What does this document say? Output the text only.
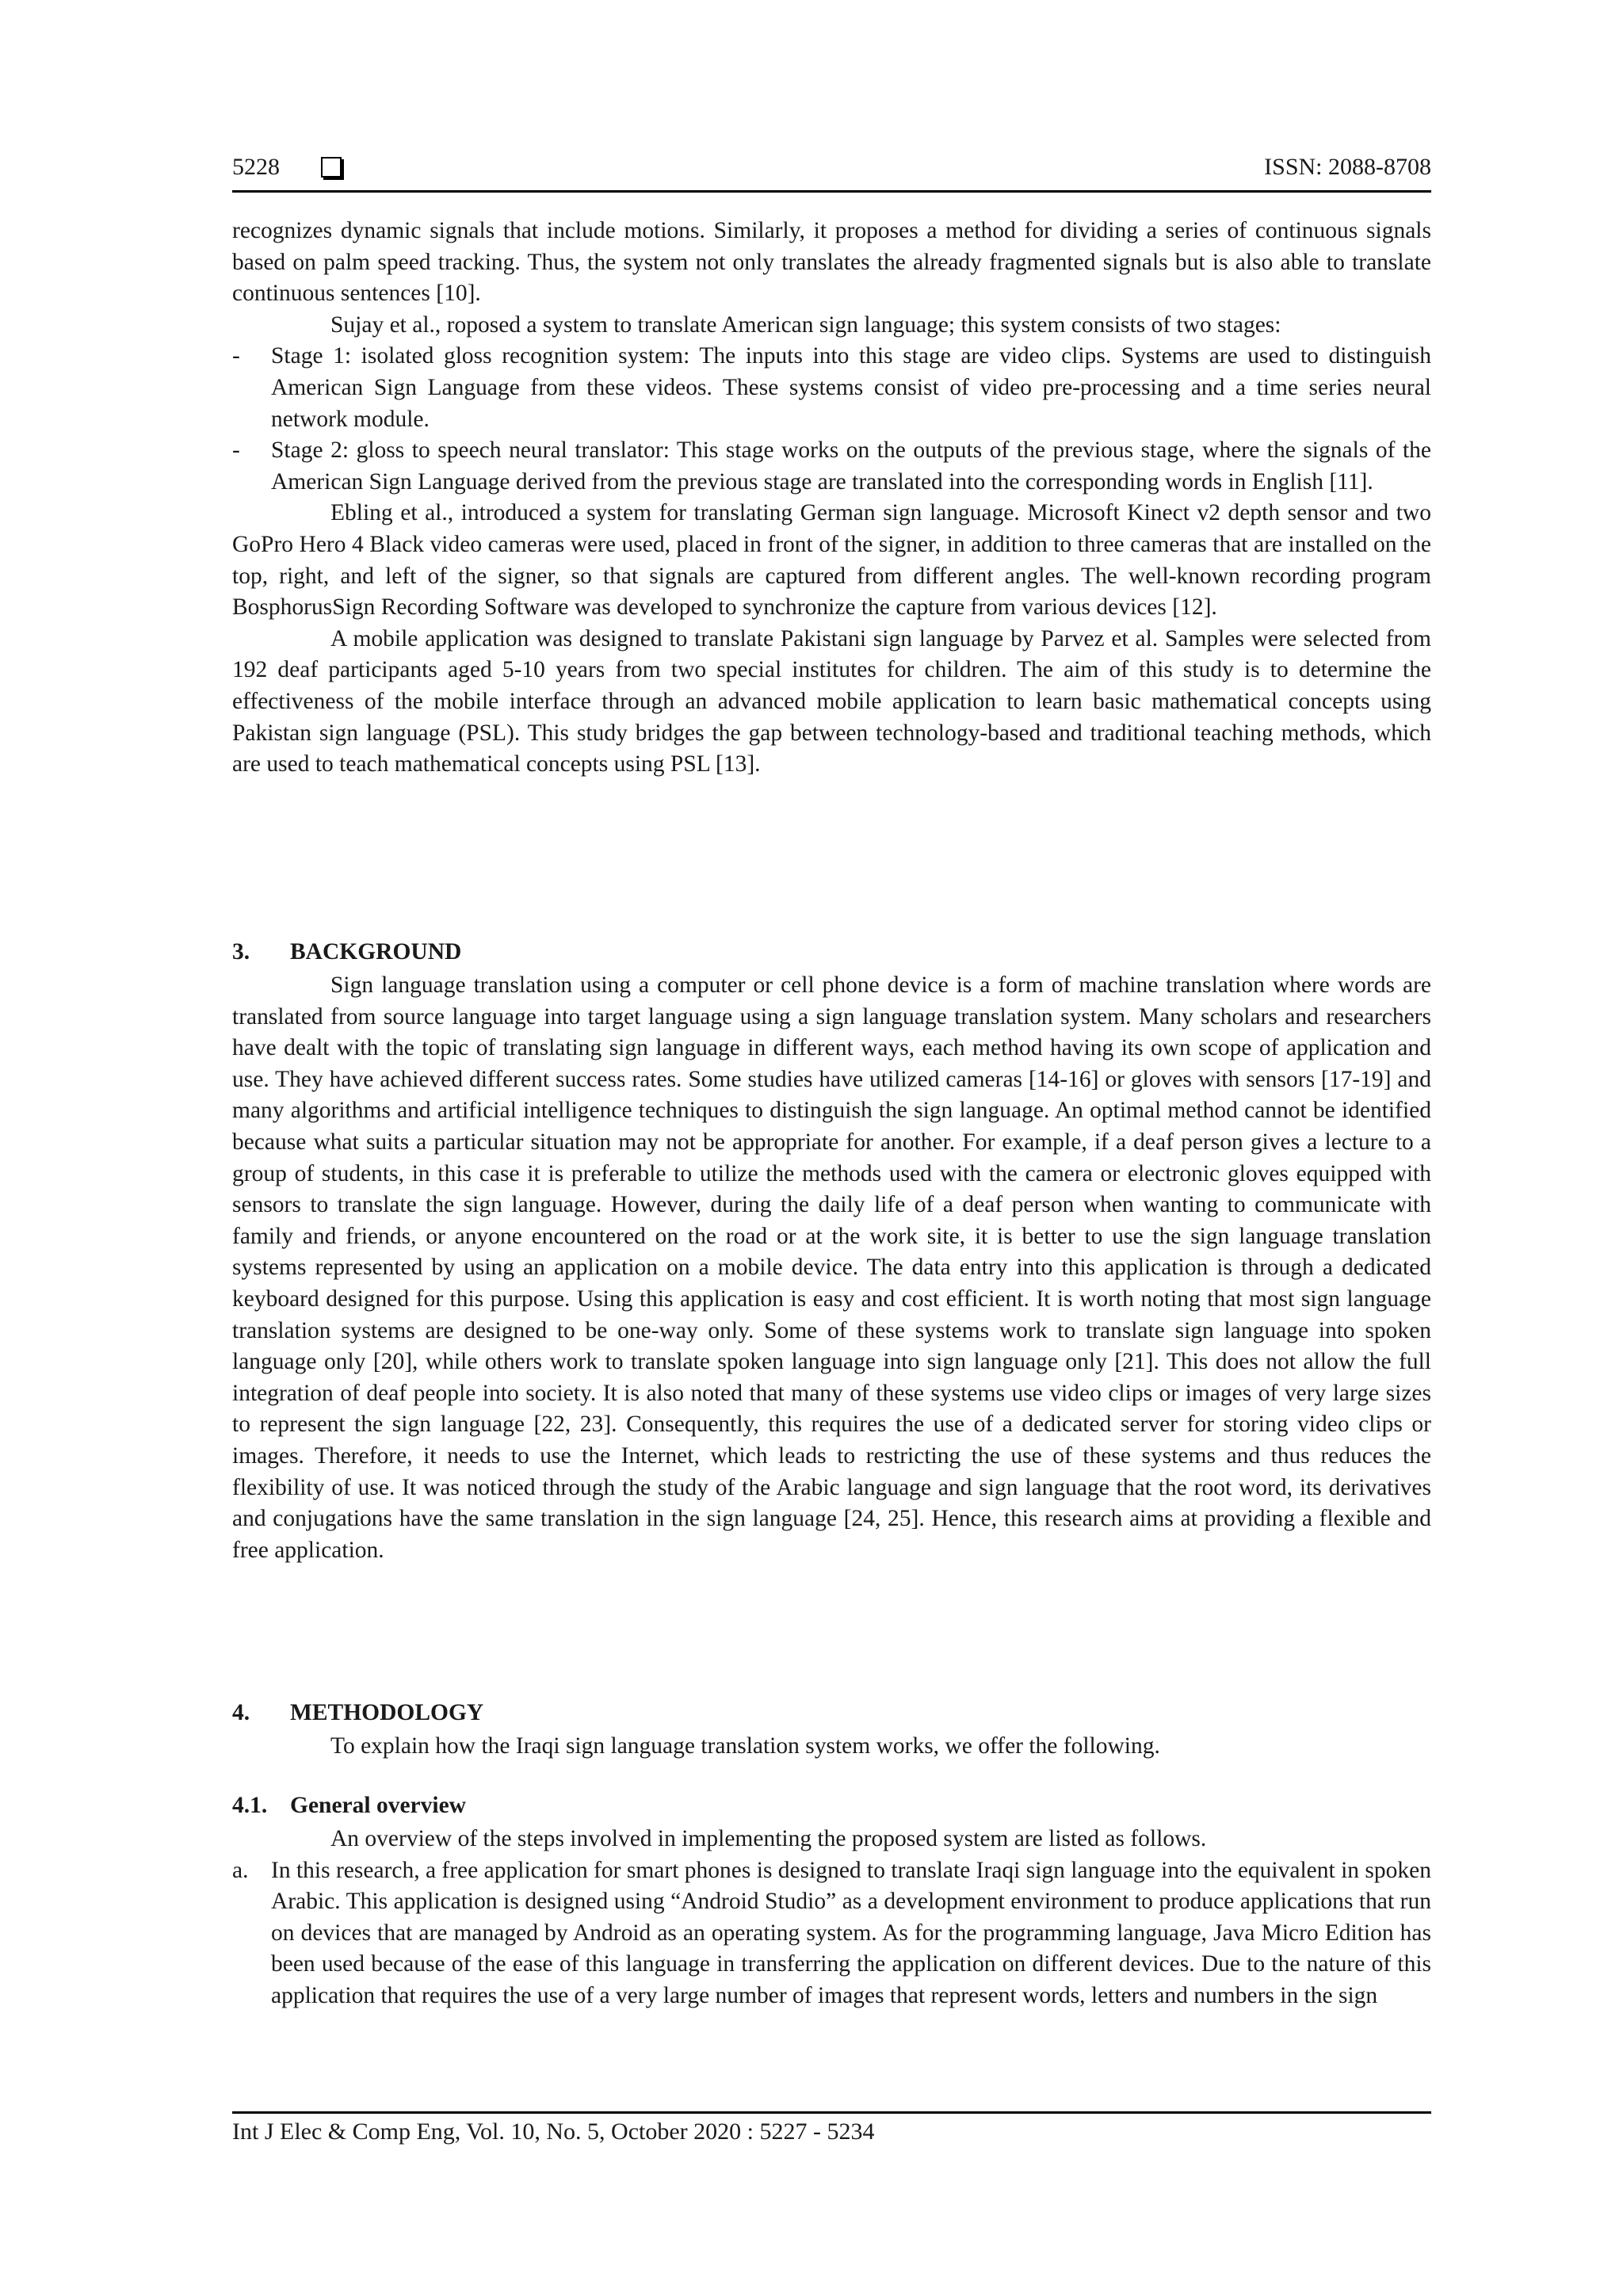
5228	ISSN: 2088-8708

recognizes dynamic signals that include motions. Similarly, it proposes a method for dividing a series of continuous signals based on palm speed tracking. Thus, the system not only translates the already fragmented signals but is also able to translate continuous sentences [10].

Sujay et al., roposed a system to translate American sign language; this system consists of two stages:

- Stage 1: isolated gloss recognition system: The inputs into this stage are video clips. Systems are used to distinguish American Sign Language from these videos. These systems consist of video pre-processing and a time series neural network module.
- Stage 2: gloss to speech neural translator: This stage works on the outputs of the previous stage, where the signals of the American Sign Language derived from the previous stage are translated into the corresponding words in English [11].

Ebling et al., introduced a system for translating German sign language. Microsoft Kinect v2 depth sensor and two GoPro Hero 4 Black video cameras were used, placed in front of the signer, in addition to three cameras that are installed on the top, right, and left of the signer, so that signals are captured from different angles. The well-known recording program BosphorusSign Recording Software was developed to synchronize the capture from various devices [12].

A mobile application was designed to translate Pakistani sign language by Parvez et al. Samples were selected from 192 deaf participants aged 5-10 years from two special institutes for children. The aim of this study is to determine the effectiveness of the mobile interface through an advanced mobile application to learn basic mathematical concepts using Pakistan sign language (PSL). This study bridges the gap between technology-based and traditional teaching methods, which are used to teach mathematical concepts using PSL [13].

3. BACKGROUND

Sign language translation using a computer or cell phone device is a form of machine translation where words are translated from source language into target language using a sign language translation system. Many scholars and researchers have dealt with the topic of translating sign language in different ways, each method having its own scope of application and use. They have achieved different success rates. Some studies have utilized cameras [14-16] or gloves with sensors [17-19] and many algorithms and artificial intelligence techniques to distinguish the sign language. An optimal method cannot be identified because what suits a particular situation may not be appropriate for another. For example, if a deaf person gives a lecture to a group of students, in this case it is preferable to utilize the methods used with the camera or electronic gloves equipped with sensors to translate the sign language. However, during the daily life of a deaf person when wanting to communicate with family and friends, or anyone encountered on the road or at the work site, it is better to use the sign language translation systems represented by using an application on a mobile device. The data entry into this application is through a dedicated keyboard designed for this purpose. Using this application is easy and cost efficient. It is worth noting that most sign language translation systems are designed to be one-way only. Some of these systems work to translate sign language into spoken language only [20], while others work to translate spoken language into sign language only [21]. This does not allow the full integration of deaf people into society. It is also noted that many of these systems use video clips or images of very large sizes to represent the sign language [22, 23]. Consequently, this requires the use of a dedicated server for storing video clips or images. Therefore, it needs to use the Internet, which leads to restricting the use of these systems and thus reduces the flexibility of use. It was noticed through the study of the Arabic language and sign language that the root word, its derivatives and conjugations have the same translation in the sign language [24, 25]. Hence, this research aims at providing a flexible and free application.

4. METHODOLOGY

To explain how the Iraqi sign language translation system works, we offer the following.

4.1. General overview

An overview of the steps involved in implementing the proposed system are listed as follows.

a. In this research, a free application for smart phones is designed to translate Iraqi sign language into the equivalent in spoken Arabic. This application is designed using “Android Studio” as a development environment to produce applications that run on devices that are managed by Android as an operating system. As for the programming language, Java Micro Edition has been used because of the ease of this language in transferring the application on different devices. Due to the nature of this application that requires the use of a very large number of images that represent words, letters and numbers in the sign
Int J Elec & Comp Eng, Vol. 10, No. 5, October 2020 : 5227 - 5234
